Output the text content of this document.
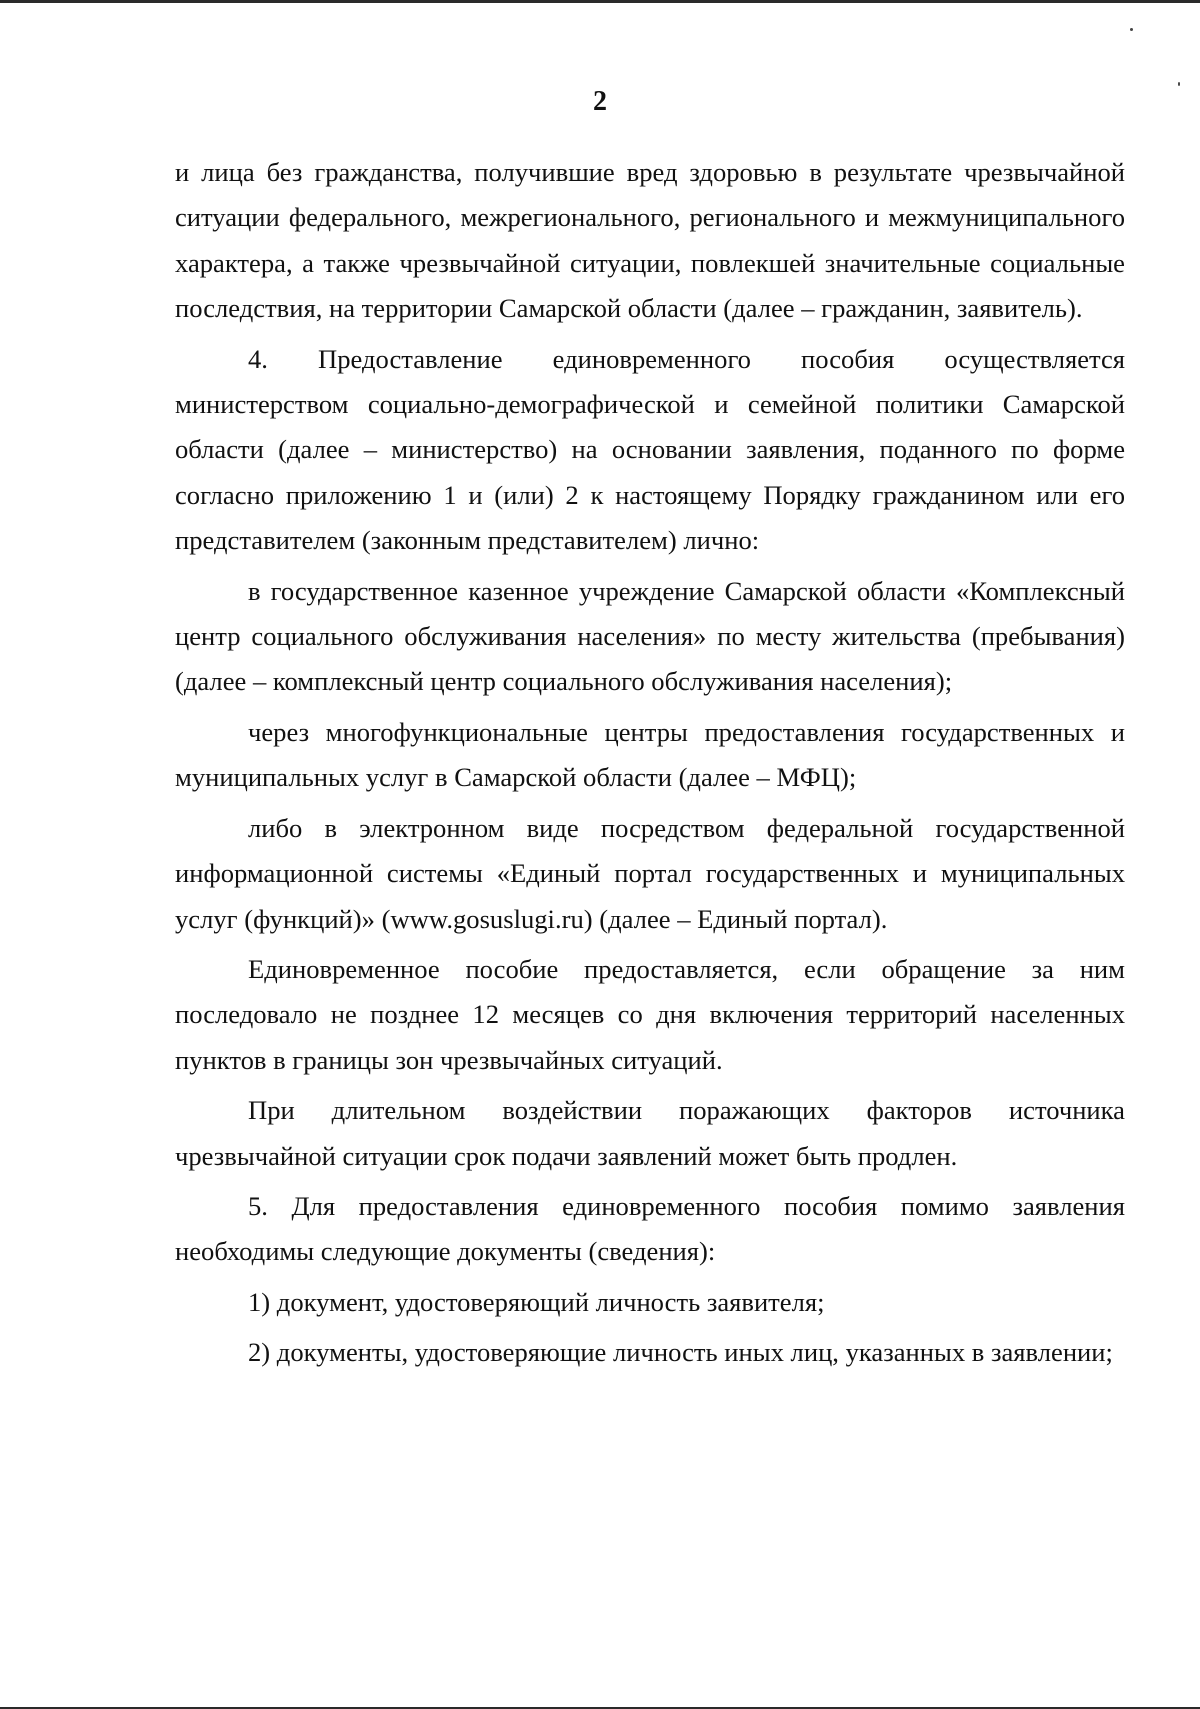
2

и лица без гражданства, получившие вред здоровью в результате чрезвычайной ситуации федерального, межрегионального, регионального и межмуниципального характера, а также чрезвычайной ситуации, повлекшей значительные социальные последствия, на территории Самарской области (далее – гражданин, заявитель).

4. Предоставление единовременного пособия осуществляется министерством социально-демографической и семейной политики Самарской области (далее – министерство) на основании заявления, поданного по форме согласно приложению 1 и (или) 2 к настоящему Порядку гражданином или его представителем (законным представителем) лично:

в государственное казенное учреждение Самарской области «Комплексный центр социального обслуживания населения» по месту жительства (пребывания) (далее – комплексный центр социального обслуживания населения);

через многофункциональные центры предоставления государственных и муниципальных услуг в Самарской области (далее – МФЦ);

либо в электронном виде посредством федеральной государственной информационной системы «Единый портал государственных и муниципальных услуг (функций)» (www.gosuslugi.ru) (далее – Единый портал).

Единовременное пособие предоставляется, если обращение за ним последовало не позднее 12 месяцев со дня включения территорий населенных пунктов в границы зон чрезвычайных ситуаций.

При длительном воздействии поражающих факторов источника чрезвычайной ситуации срок подачи заявлений может быть продлен.

5. Для предоставления единовременного пособия помимо заявления необходимы следующие документы (сведения):

1) документ, удостоверяющий личность заявителя;

2) документы, удостоверяющие личность иных лиц, указанных в заявлении;
